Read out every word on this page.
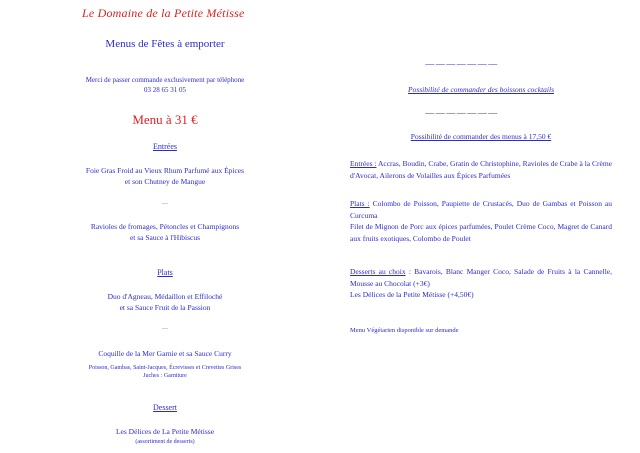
Le Domaine de la Petite Métisse
Menus de Fêtes à emporter
Merci de passer commande exclusivement par téléphone
03 28 65 31 05
Menu à 31 €
Entrées
Foie Gras Froid au Vieux Rhum Parfumé aux Épices
et son Chutney de Mangue
—
Ravioles de fromages, Pétoncles et Champignons
et sa Sauce à l'Hibiscus
Plats
Duo d'Agneau, Médaillon et Effiloché
et sa Sauce Fruit de la Passion
—
Coquille de la Mer Garnie et sa Sauce Curry
Poisson, Gambas, Saint-Jacques, Écrevisses et Crevettes Grises
Juches : Garniture
Dessert
Les Délices de La Petite Métisse
(assortiment de desserts)
———————
Possibilité de commander des boissons cocktails
———————
Possibilité de commander des menus à 17,50 €
Entrées : Accras, Boudin, Crabe, Gratin de Christophine, Ravioles de Crabe à la Crème d'Avocat, Ailerons de Volailles aux Épices Parfumées
Plats : Colombo de Poisson, Paupiette de Crustacés, Duo de Gambas et Poisson au Curcuma
Filet de Mignon de Porc aux épices parfumées, Poulet Crème Coco, Magret de Canard aux fruits exotiques, Colombo de Poulet
Desserts au choix : Bavarois, Blanc Manger Coco, Salade de Fruits à la Cannelle, Mousse au Chocolat (+3€)
Les Délices de la Petite Métisse (+4,50€)
Menu Végétarien disponible sur demande
